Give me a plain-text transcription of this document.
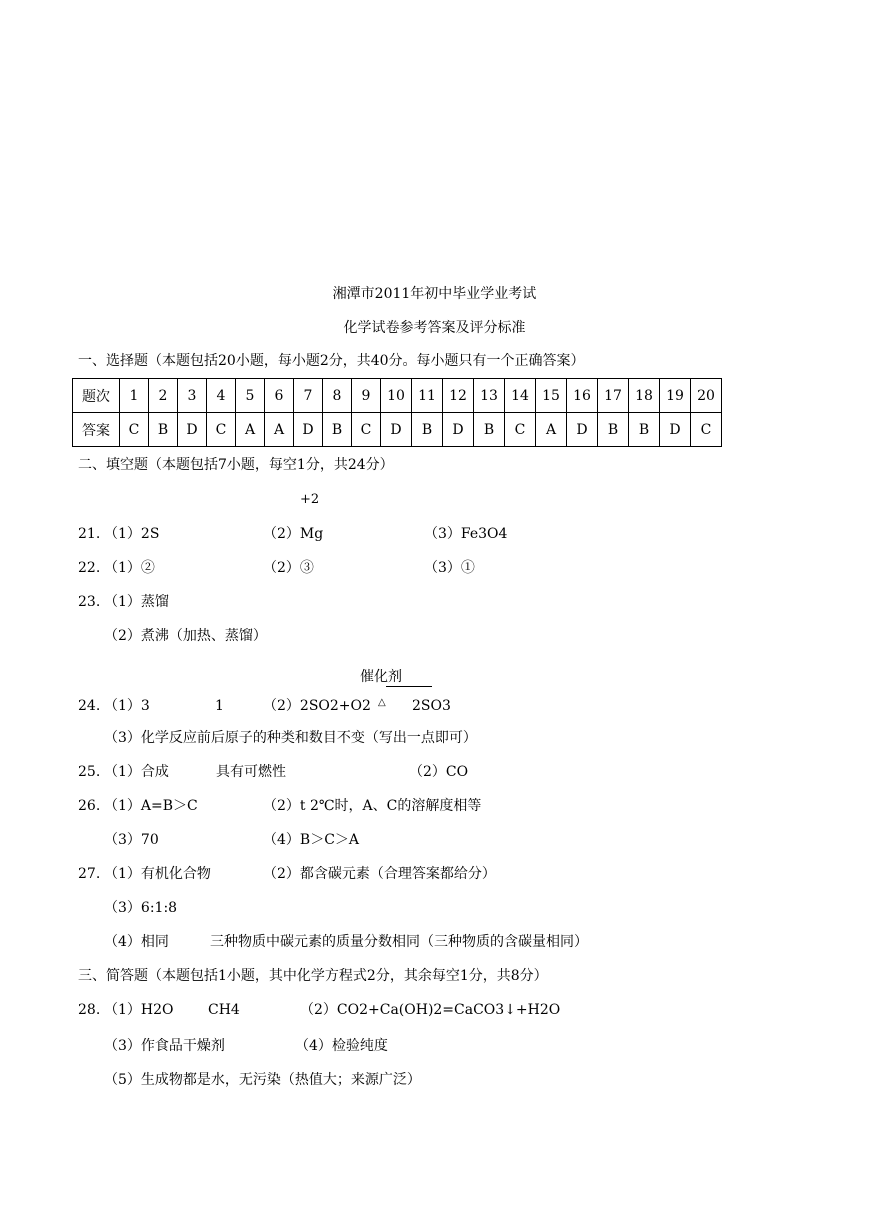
湘潭市2011年初中毕业学业考试
化学试卷参考答案及评分标准
一、选择题（本题包括20小题，每小题2分，共40分。每小题只有一个正确答案）
题次	1	2	3	4	5	6	7	8	9	10	11	12	13	14	15	16	17	18	19	20
答案	C	B	D	C	A	A	D	B	C	D	B	D	B	C	A	D	B	B	D	C
二、填空题（本题包括7小题，每空1分，共24分）
+2
21. （1）2S	（2）Mg	（3）Fe3O4
22. （1）②	（2）③	（3）①
23. （1）蒸馏
（2）煮沸（加热、蒸馏）
催化剂
24. （1）3	1	（2）2SO2+O2 △ 2SO3
（3）化学反应前后原子的种类和数目不变（写出一点即可）
25. （1）合成	具有可燃性	（2）CO
26. （1）A=B＞C	（2）t 2℃时，A、C的溶解度相等
（3）70	（4）B＞C＞A
27. （1）有机化合物	（2）都含碳元素（合理答案都给分）
（3）6:1:8
（4）相同	三种物质中碳元素的质量分数相同（三种物质的含碳量相同）
三、简答题（本题包括1小题，其中化学方程式2分，其余每空1分，共8分）
28. （1）H2O CH4	（2）CO2+Ca(OH)2=CaCO3↓+H2O
（3）作食品干燥剂	（4）检验纯度
（5）生成物都是水，无污染（热值大；来源广泛）
